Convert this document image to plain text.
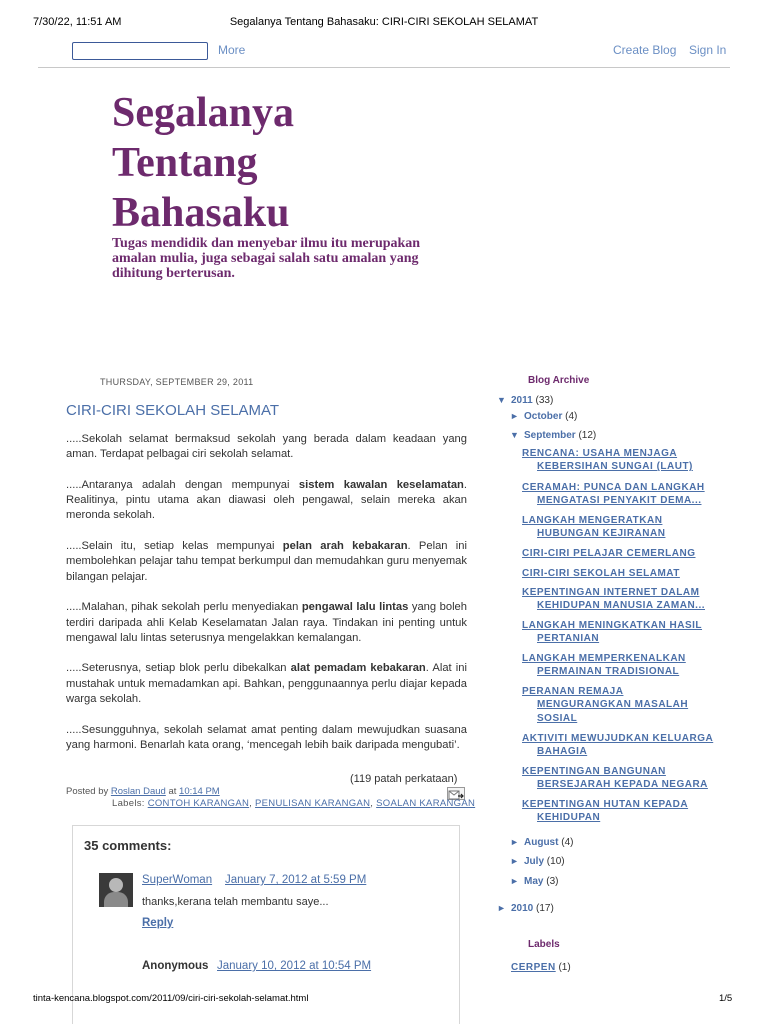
7/30/22, 11:51 AM	Segalanya Tentang Bahasaku: CIRI-CIRI SEKOLAH SELAMAT
More	Create Blog Sign In
Segalanya
Tentang
Bahasaku
Tugas mendidik dan menyebar ilmu itu merupakan amalan mulia, juga sebagai salah satu amalan yang dihitung berterusan.
THURSDAY, SEPTEMBER 29, 2011
CIRI-CIRI SEKOLAH SELAMAT

.....Sekolah selamat bermaksud sekolah yang berada dalam keadaan yang aman. Terdapat pelbagai ciri sekolah selamat.

.....Antaranya adalah dengan mempunyai sistem kawalan keselamatan. Realitinya, pintu utama akan diawasi oleh pengawal, selain mereka akan meronda sekolah.

.....Selain itu, setiap kelas mempunyai pelan arah kebakaran. Pelan ini membolehkan pelajar tahu tempat berkumpul dan memudahkan guru menyemak bilangan pelajar.

.....Malahan, pihak sekolah perlu menyediakan pengawal lalu lintas yang boleh terdiri daripada ahli Kelab Keselamatan Jalan raya. Tindakan ini penting untuk mengawal lalu lintas seterusnya mengelakkan kemalangan.

.....Seterusnya, setiap blok perlu dibekalkan alat pemadam kebakaran. Alat ini mustahak untuk memadamkan api. Bahkan, penggunaannya perlu diajar kepada warga sekolah.

.....Sesungguhnya, sekolah selamat amat penting dalam mewujudkan suasana yang harmoni. Benarlah kata orang, ‘mencegah lebih baik daripada mengubati’.

(119 patah perkataan)
Posted by Roslan Daud at 10:14 PM
Labels: CONTOH KARANGAN, PENULISAN KARANGAN, SOALAN KARANGAN
35 comments:
SuperWoman January 7, 2012 at 5:59 PM
thanks,kerana telah membantu saye...
Reply
Anonymous January 10, 2012 at 10:54 PM
Blog Archive
▼ 2011 (33)
► October (4)
▼ September (12)
RENCANA: USAHA MENJAGA
KEBERSIHAN SUNGAI (LAUT)
CERAMAH: PUNCA DAN LANGKAH
MENGATASI PENYAKIT DEMA...
LANGKAH MENGERATKAN
HUBUNGAN KEJIRANAN
CIRI-CIRI PELAJAR CEMERLANG
CIRI-CIRI SEKOLAH SELAMAT
KEPENTINGAN INTERNET DALAM
KEHIDUPAN MANUSIA ZAMAN...
LANGKAH MENINGKATKAN HASIL
PERTANIAN
LANGKAH MEMPERKENALKAN
PERMAINAN TRADISIONAL
PERANAN REMAJA
MENGURANGKAN MASALAH
SOSIAL
AKTIVITI MEWUJUDKAN KELUARGA
BAHAGIA
KEPENTINGAN BANGUNAN
BERSEJARAH KEPADA NEGARA
KEPENTINGAN HUTAN KEPADA
KEHIDUPAN
► August (4)
► July (10)
► May (3)
► 2010 (17)
Labels
CERPEN (1)
tinta-kencana.blogspot.com/2011/09/ciri-ciri-sekolah-selamat.html	1/5
